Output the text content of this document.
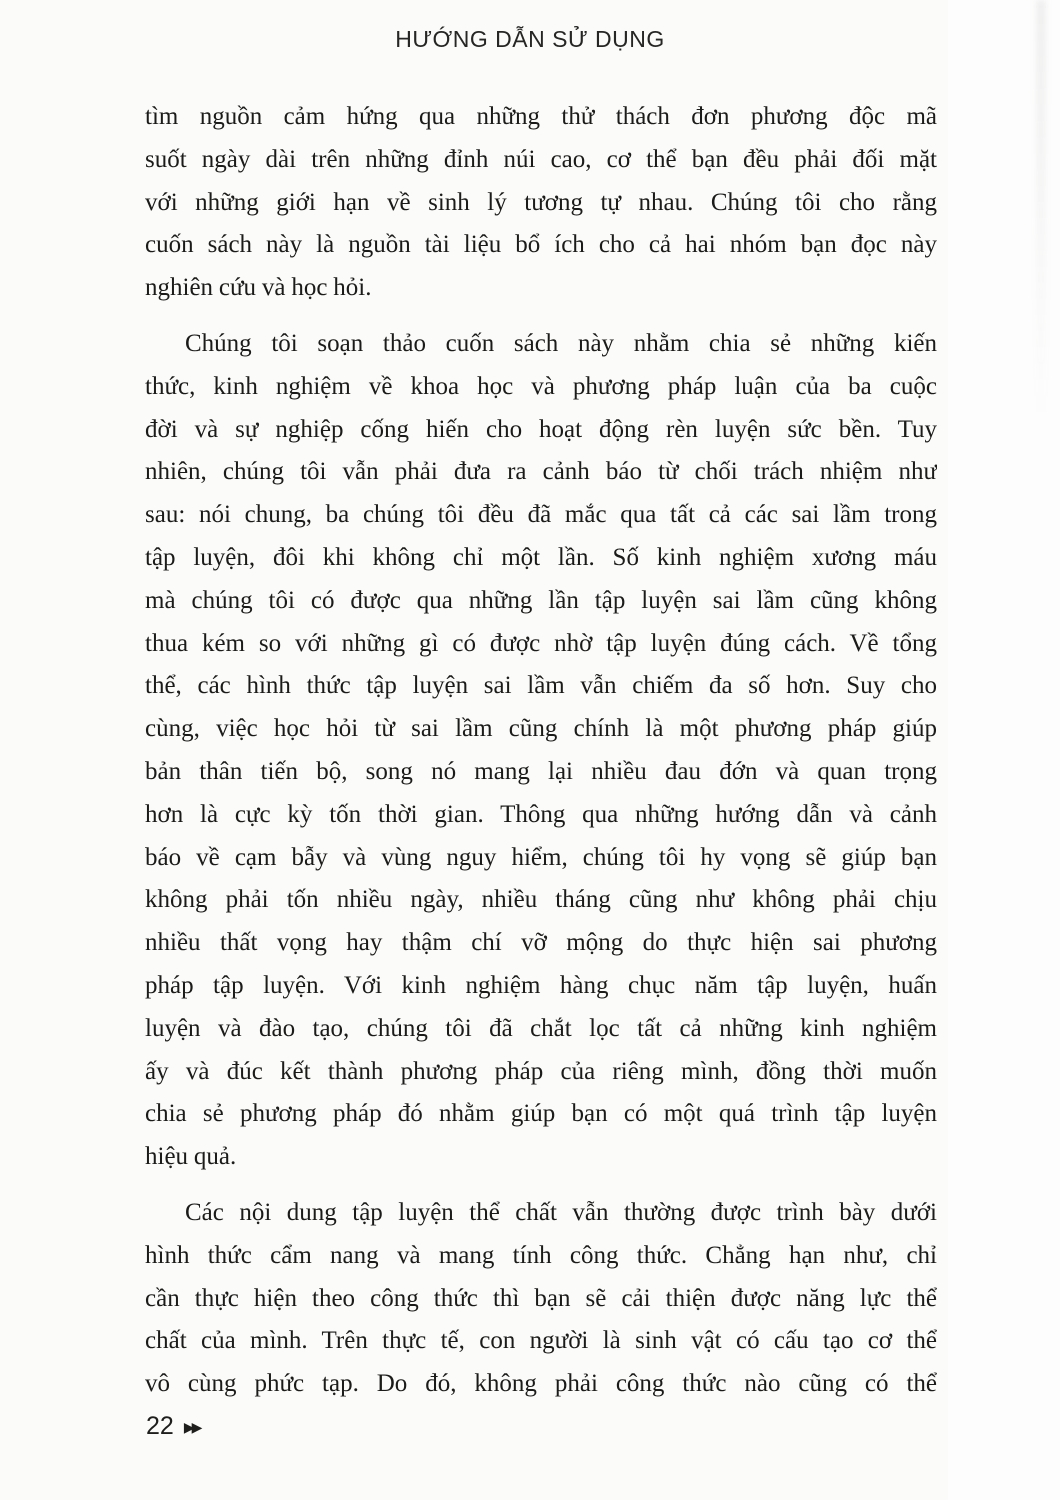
HƯỚNG DẪN SỬ DỤNG
tìm nguồn cảm hứng qua những thử thách đơn phương độc mã
suốt ngày dài trên những đỉnh núi cao, cơ thể bạn đều phải đối mặt
với những giới hạn về sinh lý tương tự nhau. Chúng tôi cho rằng
cuốn sách này là nguồn tài liệu bổ ích cho cả hai nhóm bạn đọc này
nghiên cứu và học hỏi.
Chúng tôi soạn thảo cuốn sách này nhằm chia sẻ những kiến
thức, kinh nghiệm về khoa học và phương pháp luận của ba cuộc
đời và sự nghiệp cống hiến cho hoạt động rèn luyện sức bền. Tuy
nhiên, chúng tôi vẫn phải đưa ra cảnh báo từ chối trách nhiệm như
sau: nói chung, ba chúng tôi đều đã mắc qua tất cả các sai lầm trong
tập luyện, đôi khi không chỉ một lần. Số kinh nghiệm xương máu
mà chúng tôi có được qua những lần tập luyện sai lầm cũng không
thua kém so với những gì có được nhờ tập luyện đúng cách. Về tổng
thể, các hình thức tập luyện sai lầm vẫn chiếm đa số hơn. Suy cho
cùng, việc học hỏi từ sai lầm cũng chính là một phương pháp giúp
bản thân tiến bộ, song nó mang lại nhiều đau đớn và quan trọng
hơn là cực kỳ tốn thời gian. Thông qua những hướng dẫn và cảnh
báo về cạm bẫy và vùng nguy hiểm, chúng tôi hy vọng sẽ giúp bạn
không phải tốn nhiều ngày, nhiều tháng cũng như không phải chịu
nhiều thất vọng hay thậm chí vỡ mộng do thực hiện sai phương
pháp tập luyện. Với kinh nghiệm hàng chục năm tập luyện, huấn
luyện và đào tạo, chúng tôi đã chắt lọc tất cả những kinh nghiệm
ấy và đúc kết thành phương pháp của riêng mình, đồng thời muốn
chia sẻ phương pháp đó nhằm giúp bạn có một quá trình tập luyện
hiệu quả.
Các nội dung tập luyện thể chất vẫn thường được trình bày dưới
hình thức cẩm nang và mang tính công thức. Chẳng hạn như, chỉ
cần thực hiện theo công thức thì bạn sẽ cải thiện được năng lực thể
chất của mình. Trên thực tế, con người là sinh vật có cấu tạo cơ thể
vô cùng phức tạp. Do đó, không phải công thức nào cũng có thể
22 ▶▶
